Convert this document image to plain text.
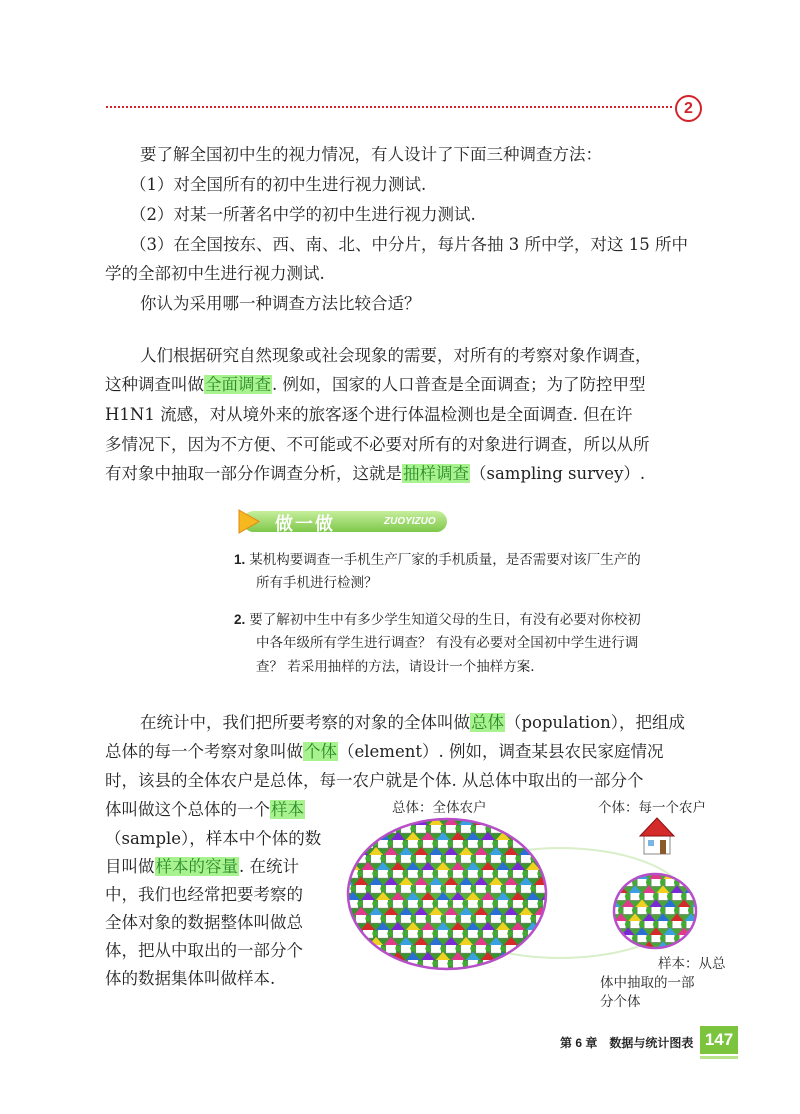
2
要了解全国初中生的视力情况，有人设计了下面三种调查方法：
（1）对全国所有的初中生进行视力测试.
（2）对某一所著名中学的初中生进行视力测试.
（3）在全国按东、西、南、北、中分片，每片各抽 3 所中学，对这 15 所中
学的全部初中生进行视力测试.
你认为采用哪一种调查方法比较合适？
人们根据研究自然现象或社会现象的需要，对所有的考察对象作调查，
这种调查叫做全面调查. 例如，国家的人口普查是全面调查；为了防控甲型
H1N1 流感，对从境外来的旅客逐个进行体温检测也是全面调查. 但在许
多情况下，因为不方便、不可能或不必要对所有的对象进行调查，所以从所
有对象中抽取一部分作调查分析，这就是抽样调查（sampling survey）.
做一做	ZUOYIZUO
1. 某机构要调查一手机生产厂家的手机质量，是否需要对该厂生产的
所有手机进行检测？
2. 要了解初中生中有多少学生知道父母的生日，有没有必要对你校初
中各年级所有学生进行调查？ 有没有必要对全国初中学生进行调
查？ 若采用抽样的方法，请设计一个抽样方案.
在统计中，我们把所要考察的对象的全体叫做总体（population），把组成
总体的每一个考察对象叫做个体（element）. 例如，调查某县农民家庭情况
时，该县的全体农户是总体，每一农户就是个体. 从总体中取出的一部分个
体叫做这个总体的一个样本
（sample），样本中个体的数
目叫做样本的容量. 在统计
中，我们也经常把要考察的
全体对象的数据整体叫做总
体，把从中取出的一部分个
体的数据集体叫做样本.
总体：全体农户	个体：每一个农户
样本：从总
体中抽取的一部
分个体
第 6 章　数据与统计图表 147
